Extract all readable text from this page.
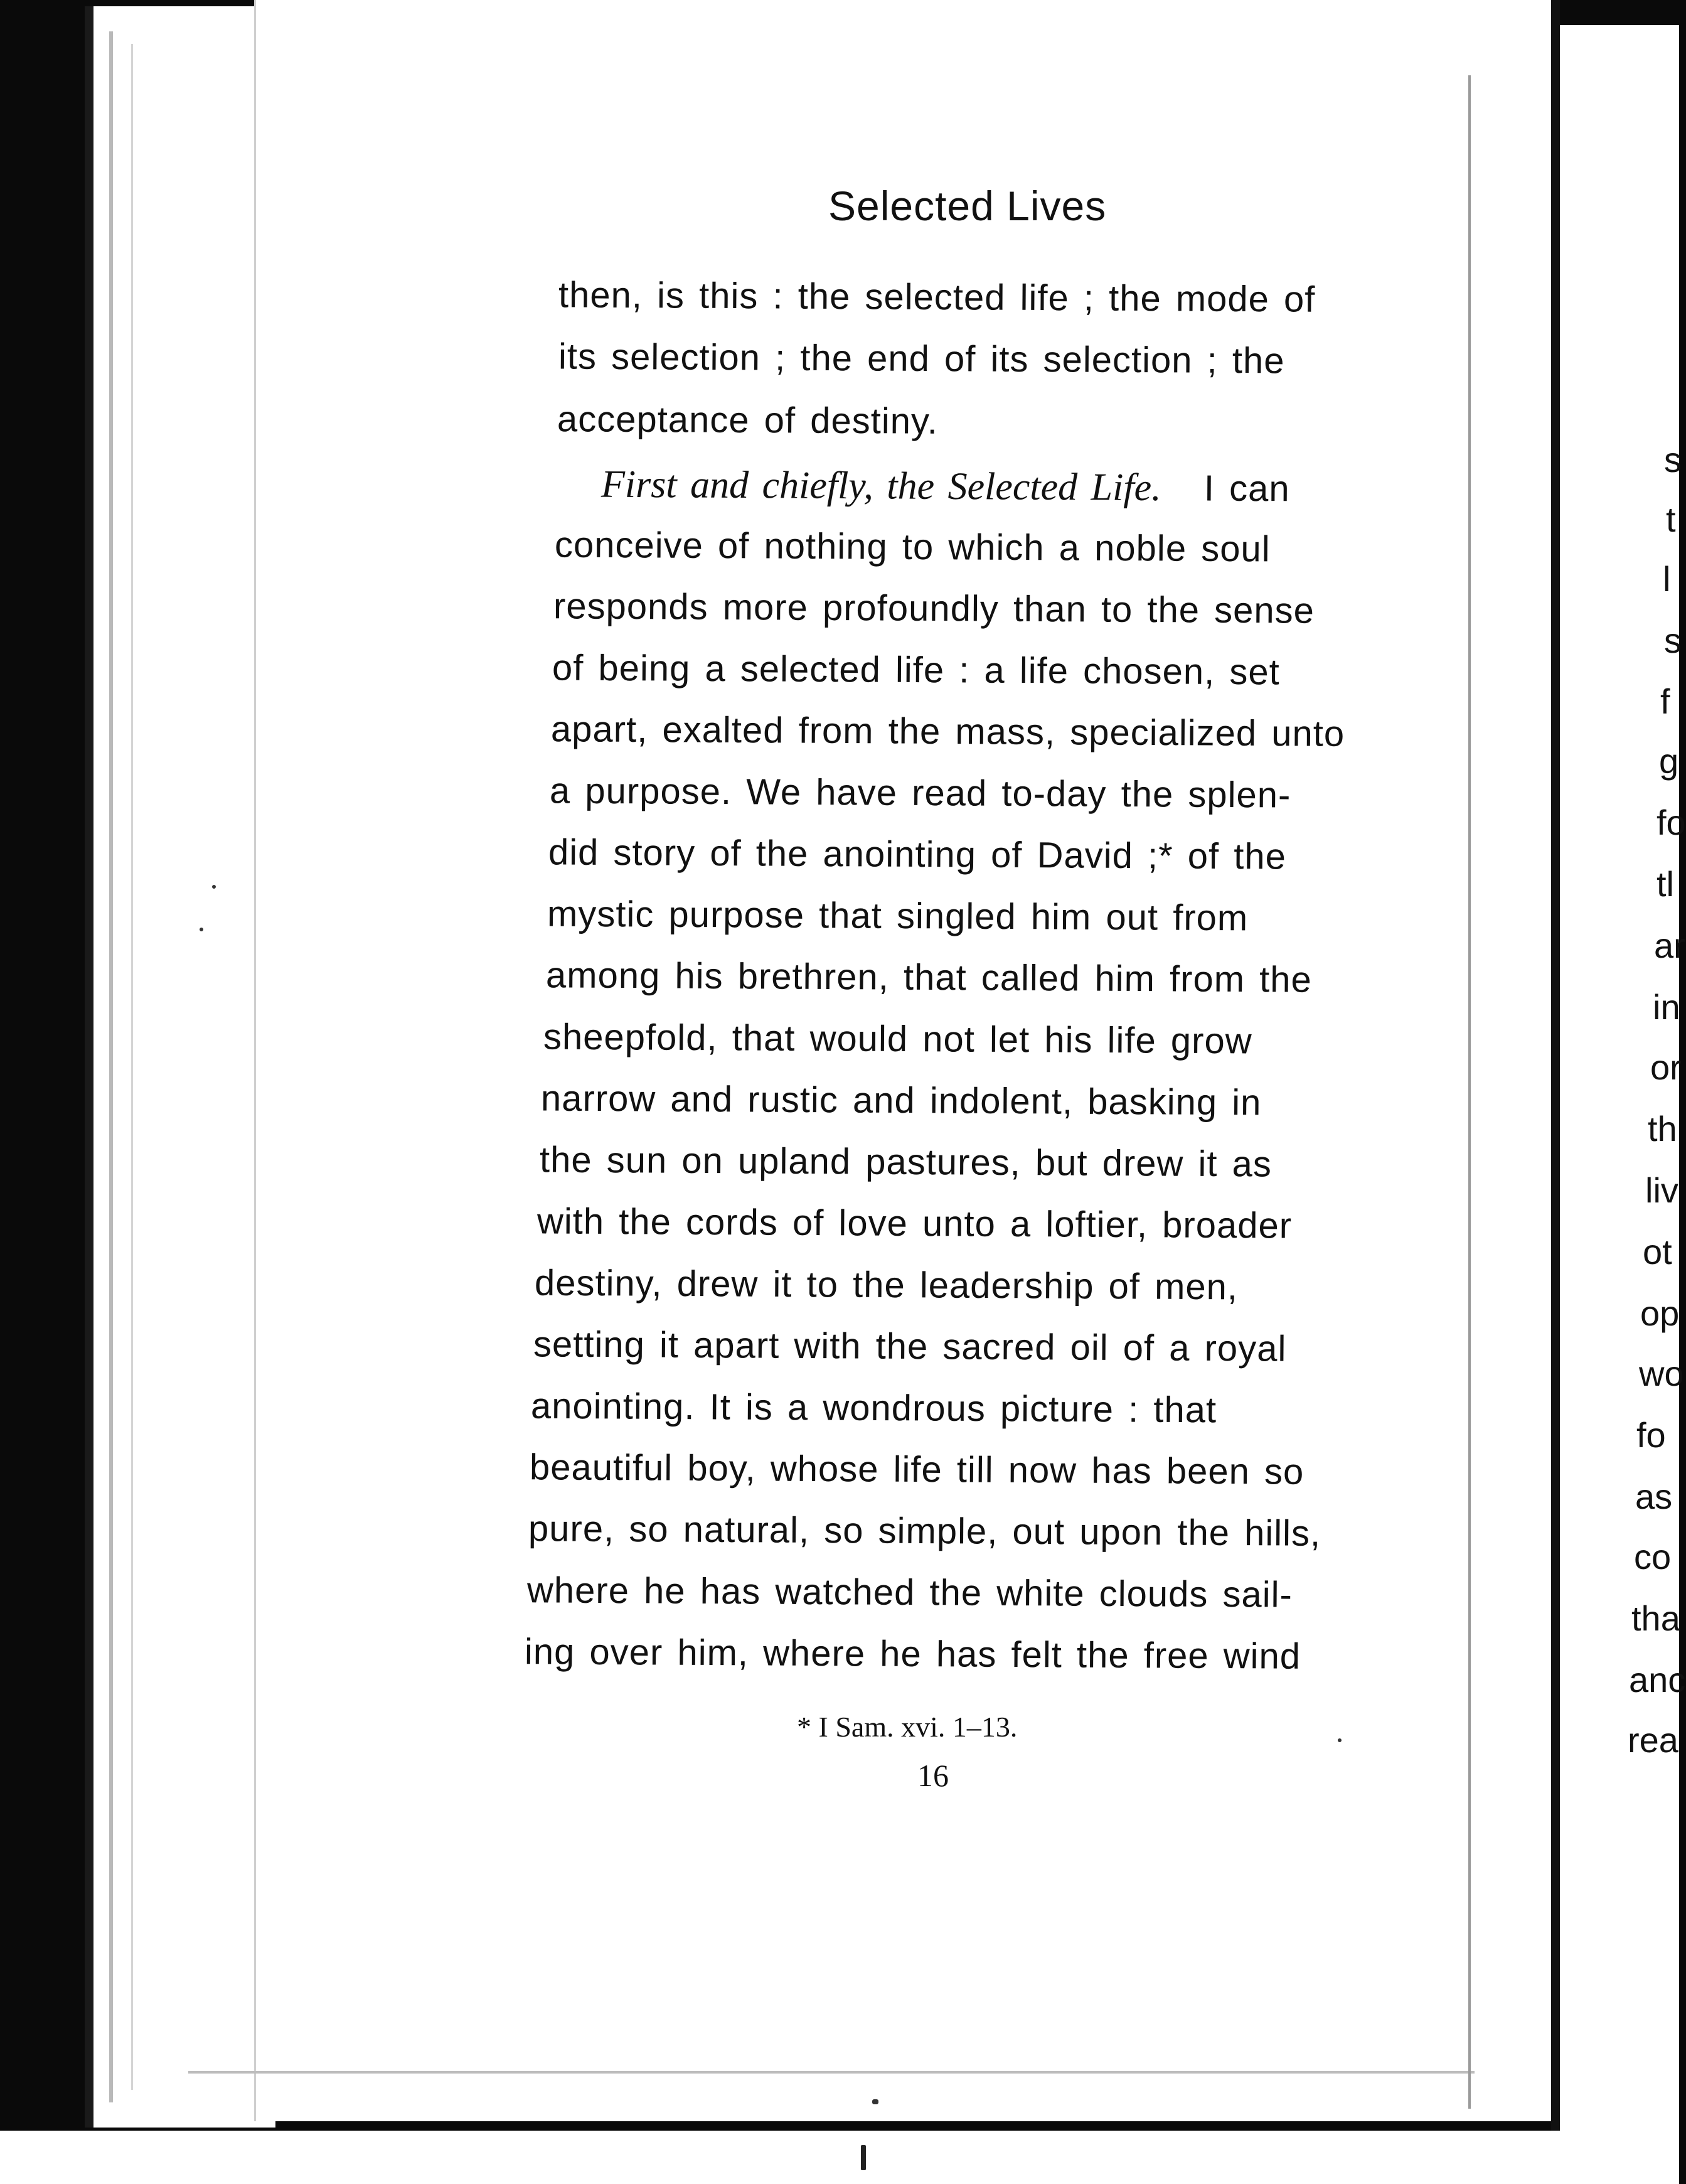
Selected Lives
then, is this : the selected life ; the mode of
its selection ; the end of its selection ; the
acceptance of destiny.
First and chiefly, the Selected Life. I can
conceive of nothing to which a noble soul
responds more profoundly than to the sense
of being a selected life : a life chosen, set
apart, exalted from the mass, specialized unto
a purpose. We have read to-day the splen-
did story of the anointing of David ;* of the
mystic purpose that singled him out from
among his brethren, that called him from the
sheepfold, that would not let his life grow
narrow and rustic and indolent, basking in
the sun on upland pastures, but drew it as
with the cords of love unto a loftier, broader
destiny, drew it to the leadership of men,
setting it apart with the sacred oil of a royal
anointing. It is a wondrous picture : that
beautiful boy, whose life till now has been so
pure, so natural, so simple, out upon the hills,
where he has watched the white clouds sail-
ing over him, where he has felt the free wind
* I Sam. xvi. 1–13.
16
s
t
l
s
f
g
fo
tl
ar
in
or
th
liv
ot
op
wo
fo
as
co
tha
anc
rea
